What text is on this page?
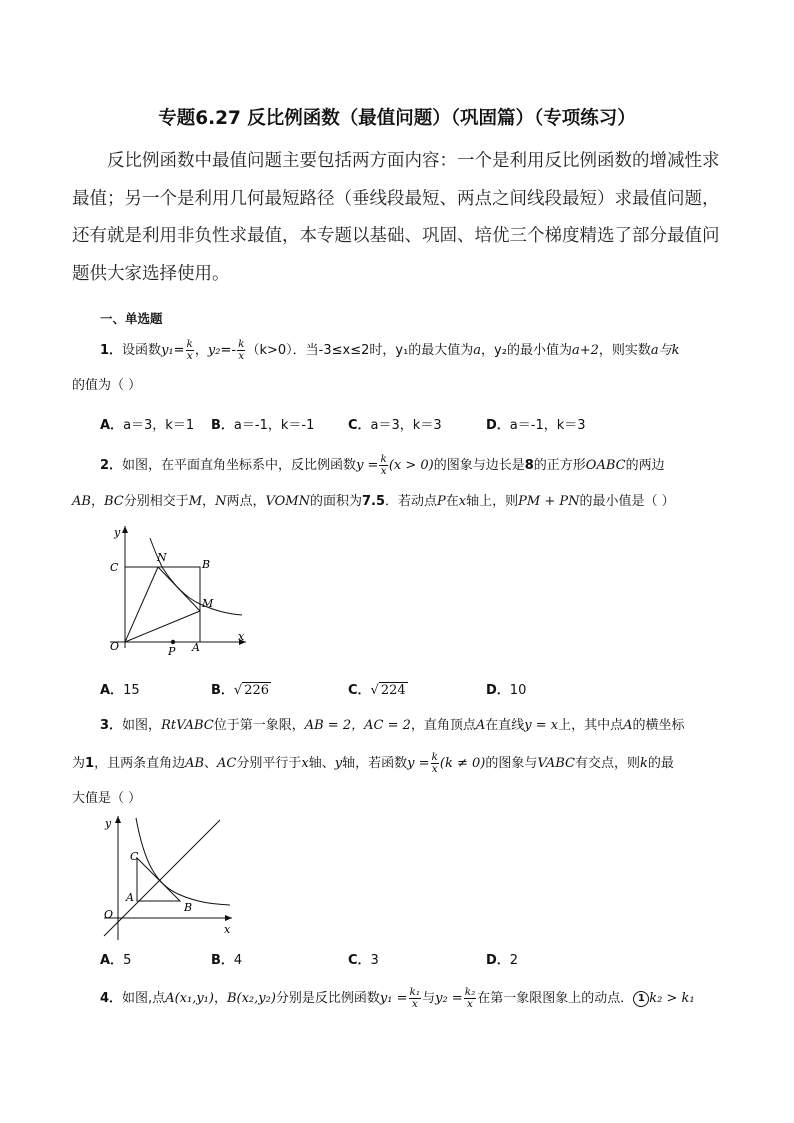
专题6.27 反比例函数（最值问题）（巩固篇）（专项练习）
反比例函数中最值问题主要包括两方面内容：一个是利用反比例函数的增减性求最值；另一个是利用几何最短路径（垂线段最短、两点之间线段最短）求最值问题，还有就是利用非负性求最值，本专题以基础、巩固、培优三个梯度精选了部分最值问题供大家选择使用。
一、单选题
1．设函数$y_1= \frac{k}{x}$ ，$y_2=- \frac{k}{x} (k>0)$．当-3≤x≤2时，y₁的最大值为a，y₂的最小值为a+2，则实数a与k
的值为（ ）
A．a＝3，k＝1 B．a＝-1，k＝-1	C．a＝3，k＝3	D．a＝-1，k＝3
2．如图，在平面直角坐标系中，反比例函数$y = \frac{k}{x} (x > 0)$的图象与边长是8的正方形OABC的两边
AB，BC分别相交于M，N两点，VOMN的面积为7.5．若动点P在x轴上，则PM + PN的最小值是（ ）
y
x
O	A
B
C
M
N
P
A．15	B．√ 226	C．√ 224	D．10
3．如图，RtVABC位于第一象限，AB = 2，AC = 2，直角顶点A在直线y = x上，其中点A的横坐标
为1，且两条直角边AB、AC分别平行于x轴、y轴，若函数$y = \frac{k}{x} (k \ne 0)$的图象与VABC有交点，则k的最
大值是（ ）
y
x
O
A
B
C
A．5	B．4	C．3	D．2
4．如图,点A(x₁,y₁)，B(x₂,y₂)分别是反比例函数$y_1 = \frac{\text{k₁}}{x}$ 与$y_2 = \frac{\text{k₂}}{x}$ 在第一象限图象上的动点． 1 k₂ > k₁
